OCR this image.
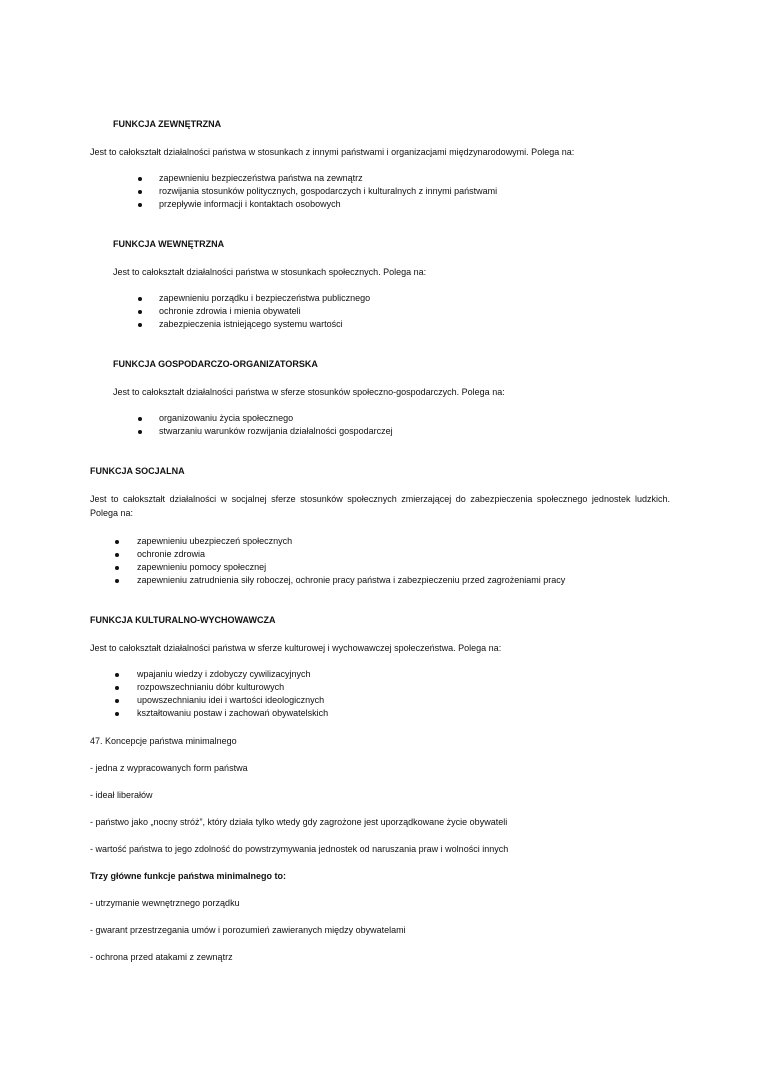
FUNKCJA ZEWNĘTRZNA
Jest to całokształt działalności państwa w stosunkach z innymi państwami i organizacjami międzynarodowymi. Polega na:
zapewnieniu bezpieczeństwa państwa na zewnątrz
rozwijania stosunków politycznych, gospodarczych i kulturalnych z innymi państwami
przepływie informacji i kontaktach osobowych
FUNKCJA WEWNĘTRZNA
Jest to całokształt działalności państwa w stosunkach społecznych. Polega na:
zapewnieniu porządku i bezpieczeństwa publicznego
ochronie zdrowia i mienia obywateli
zabezpieczenia istniejącego systemu wartości
FUNKCJA GOSPODARCZO-ORGANIZATORSKA
Jest to całokształt działalności państwa w sferze stosunków społeczno-gospodarczych. Polega na:
organizowaniu życia społecznego
stwarzaniu warunków rozwijania działalności gospodarczej
FUNKCJA SOCJALNA
Jest to całokształt działalności w socjalnej sferze stosunków społecznych zmierzającej do zabezpieczenia społecznego jednostek ludzkich.
Polega na:
zapewnieniu ubezpieczeń społecznych
ochronie zdrowia
zapewnieniu pomocy społecznej
zapewnieniu zatrudnienia siły roboczej, ochronie pracy państwa i zabezpieczeniu przed zagrożeniami pracy
FUNKCJA KULTURALNO-WYCHOWAWCZA
Jest to całokształt działalności państwa w sferze kulturowej i wychowawczej społeczeństwa. Polega na:
wpajaniu wiedzy i zdobyczy cywilizacyjnych
rozpowszechnianiu dóbr kulturowych
upowszechnianiu idei i wartości ideologicznych
kształtowaniu postaw i zachowań obywatelskich
47. Koncepcje państwa minimalnego
- jedna z wypracowanych form państwa
- ideał liberałów
- państwo jako „nocny stróż”, który działa tylko wtedy gdy zagrożone jest uporządkowane życie obywateli
- wartość państwa to jego zdolność do powstrzymywania jednostek od naruszania praw i wolności innych
Trzy główne funkcje państwa minimalnego to:
- utrzymanie wewnętrznego porządku
- gwarant przestrzegania umów i porozumień zawieranych między obywatelami
- ochrona przed atakami z zewnątrz
